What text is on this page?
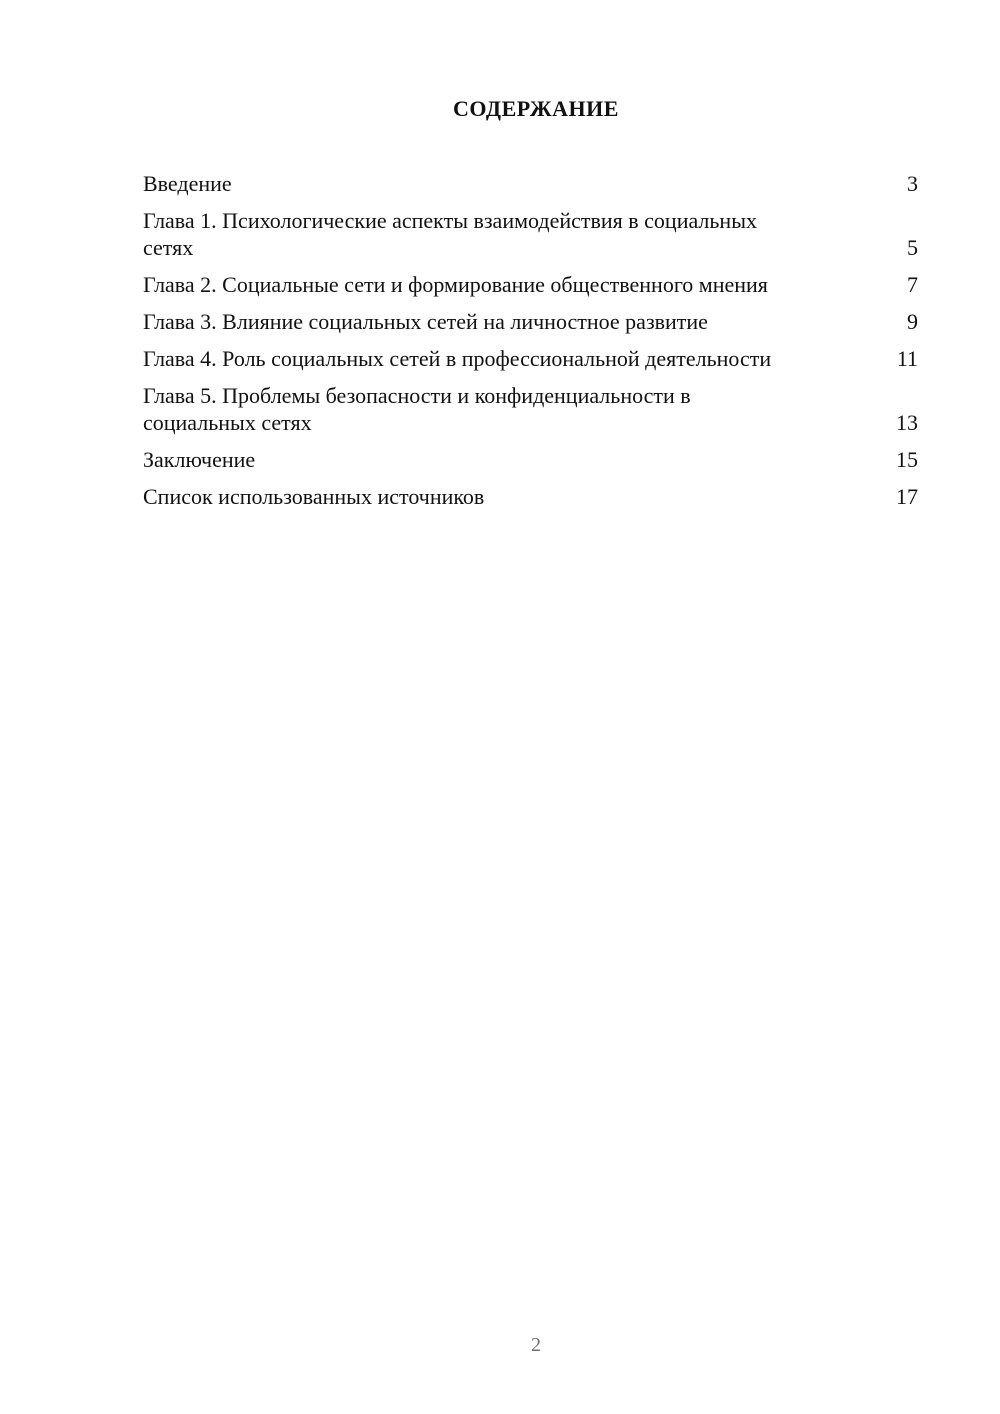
СОДЕРЖАНИЕ
Введение	3
Глава 1. Психологические аспекты взаимодействия в социальных сетях	5
Глава 2. Социальные сети и формирование общественного мнения	7
Глава 3. Влияние социальных сетей на личностное развитие	9
Глава 4. Роль социальных сетей в профессиональной деятельности	11
Глава 5. Проблемы безопасности и конфиденциальности в социальных сетях	13
Заключение	15
Список использованных источников	17
2
